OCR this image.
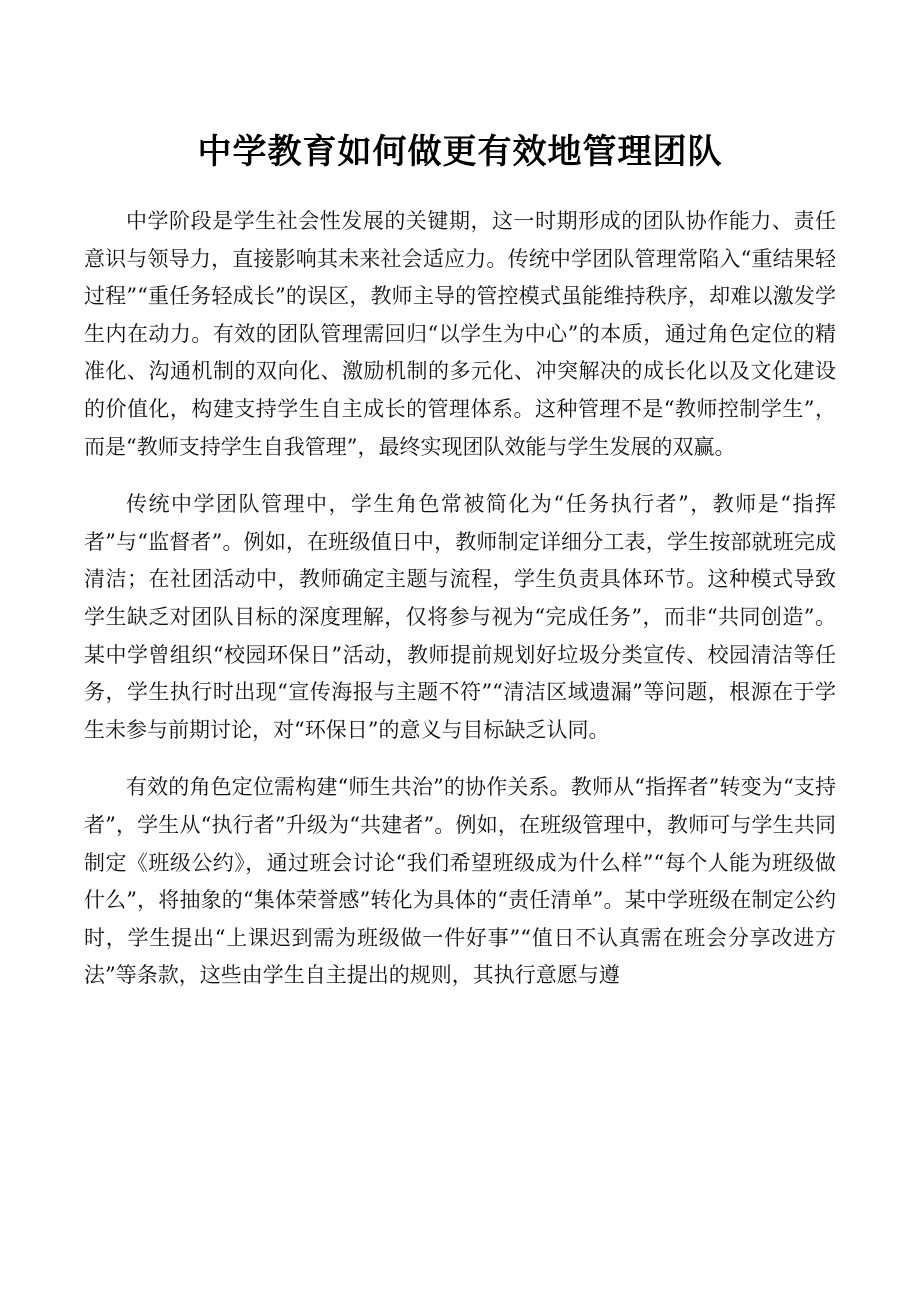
中学教育如何做更有效地管理团队

中学阶段是学生社会性发展的关键期，这一时期形成的团队协作能力、责任意识与领导力，直接影响其未来社会适应力。传统中学团队管理常陷入“重结果轻过程”“重任务轻成长”的误区，教师主导的管控模式虽能维持秩序，却难以激发学生内在动力。有效的团队管理需回归“以学生为中心”的本质，通过角色定位的精准化、沟通机制的双向化、激励机制的多元化、冲突解决的成长化以及文化建设的价值化，构建支持学生自主成长的管理体系。这种管理不是“教师控制学生”，而是“教师支持学生自我管理”，最终实现团队效能与学生发展的双赢。

传统中学团队管理中，学生角色常被简化为“任务执行者”，教师是“指挥者”与“监督者”。例如，在班级值日中，教师制定详细分工表，学生按部就班完成清洁；在社团活动中，教师确定主题与流程，学生负责具体环节。这种模式导致学生缺乏对团队目标的深度理解，仅将参与视为“完成任务”，而非“共同创造”。某中学曾组织“校园环保日”活动，教师提前规划好垃圾分类宣传、校园清洁等任务，学生执行时出现“宣传海报与主题不符”“清洁区域遗漏”等问题，根源在于学生未参与前期讨论，对“环保日”的意义与目标缺乏认同。

有效的角色定位需构建“师生共治”的协作关系。教师从“指挥者”转变为“支持者”，学生从“执行者”升级为“共建者”。例如，在班级管理中，教师可与学生共同制定《班级公约》，通过班会讨论“我们希望班级成为什么样”“每个人能为班级做什么”，将抽象的“集体荣誉感”转化为具体的“责任清单”。某中学班级在制定公约时，学生提出“上课迟到需为班级做一件好事”“值日不认真需在班会分享改进方法”等条款，这些由学生自主提出的规则，其执行意愿与遵
